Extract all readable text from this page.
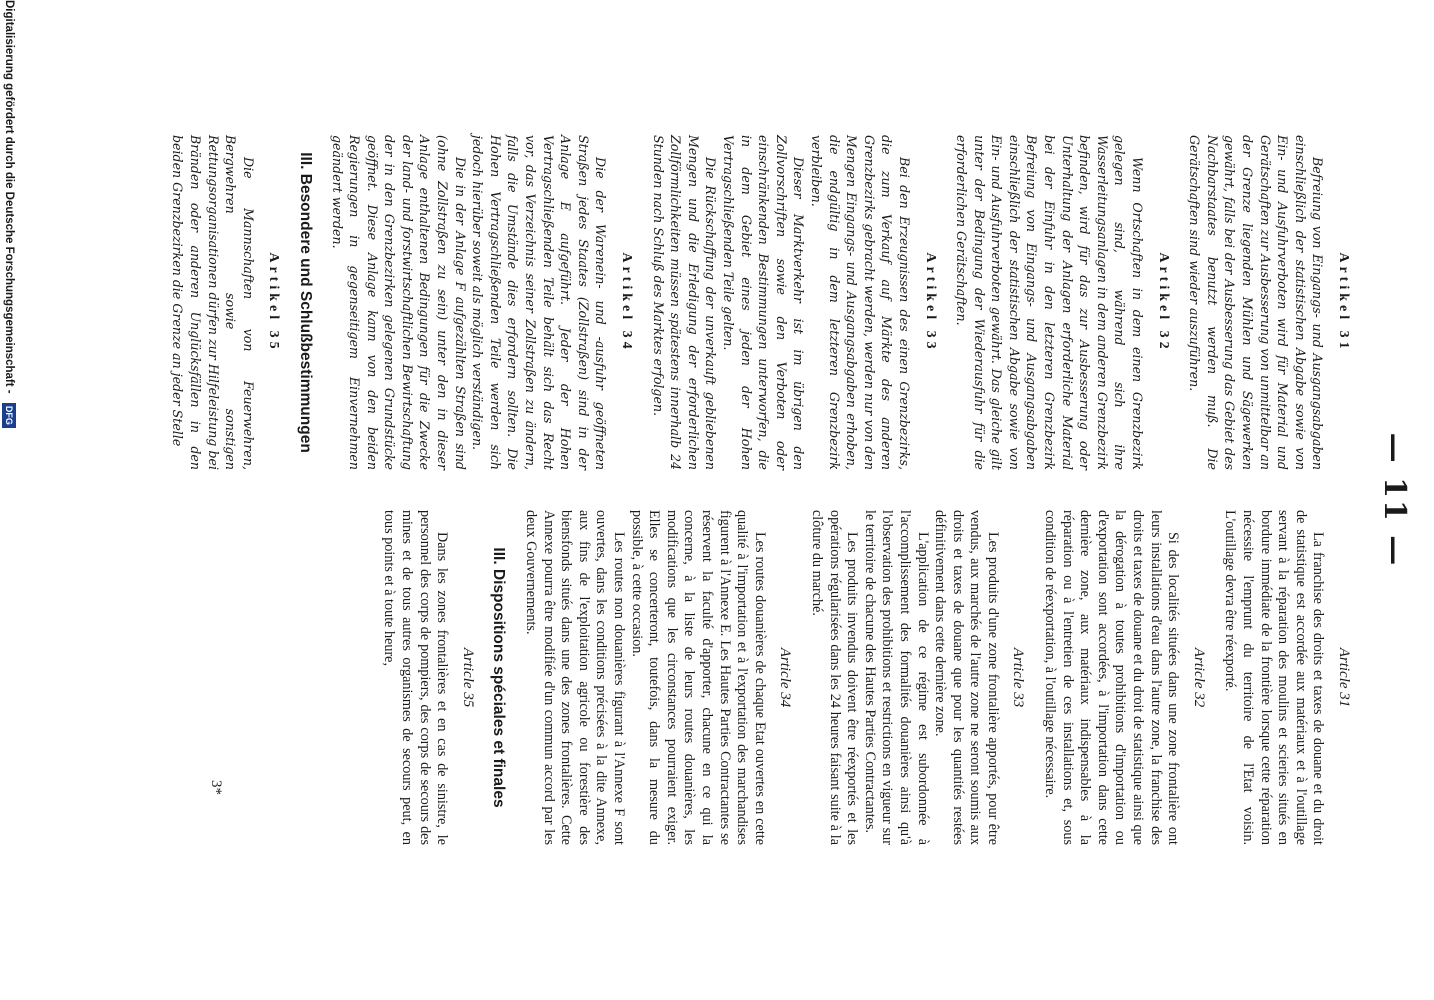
— 11 —
Article 31

La franchise des droits et taxes de douane et du droit de statistique est accordée aux matériaux et à l'outillage servant à la réparation des moulins et scieries situés en bordure immédiate de la frontière lorsque cette réparation nécessite l'emprunt du territoire de l'Etat voisin. L'outillage devra être réexporté.

Article 32

Si des localités situées dans une zone frontalière ont leurs installations d'eau dans l'autre zone, la franchise des droits et taxes de douane et du droit de statistique ainsi que la dérogation à toutes prohibitions d'importation ou d'exportation sont accordées, à l'importation dans cette dernière zone, aux matériaux indispensables à la réparation ou à l'entretien de ces installations et, sous condition de réexportation, à l'outillage nécessaire.

Article 33

Les produits d'une zone frontalière apportés, pour être vendus, aux marchés de l'autre zone ne seront soumis aux droits et taxes de douane que pour les quantités restées définitivement dans cette dernière zone.

L'application de ce régime est subordonnée à l'accomplissement des formalités douanières ainsi qu'à l'observation des prohibitions et restrictions en vigueur sur le territoire de chacune des Hautes Parties Contractantes.

Les produits invendus doivent être réexportés et les opérations régularisées dans les 24 heures faisant suite à la clôture du marché.

Article 34

Les routes douanières de chaque Etat ouvertes en cette qualité à l'importation et à l'exportation des marchandises figurent à l'Annexe E. Les Hautes Parties Contractantes se réservent la faculté d'apporter, chacune en ce qui la concerne, à la liste de leurs routes douanières, les modifications que les circonstances pourraient exiger. Elles se concerteront, toutefois, dans la mesure du possible, à cette occasion.

Les routes non douanières figurant à l'Annexe F sont ouvertes, dans les conditions précisées à la dite Annexe, aux fins de l'exploitation agricole ou forestière des biensfonds situés dans une des zones frontalières. Cette Annexe pourra être modifiée d'un commun accord par les deux Gouvernements.

III. Dispositions spéciales et finales
Article 35

Dans les zones frontalières et en cas de sinistre, le personnel des corps de pompiers, des corps de secours des mines et de tous autres organismes de secours peut, en tous points et à toute heure,

Artikel 31

Befreiung von Eingangs- und Ausgangsabgaben einschließlich der statistischen Abgabe sowie von Ein- und Ausfuhrverboten wird für Material und Gerätschaften zur Ausbesserung von unmittelbar an der Grenze liegenden Mühlen und Sägewerken gewährt, falls bei der Ausbesserung das Gebiet des Nachbarstaates benutzt werden muß. Die Gerätschaften sind wieder auszuführen.

Artikel 32

Wenn Ortschaften in dem einen Grenzbezirk gelegen sind, während sich ihre Wasserleitungsanlagen in dem anderen Grenzbezirk befinden, wird für das zur Ausbesserung oder Unterhaltung der Anlagen erforderliche Material bei der Einfuhr in den letzteren Grenzbezirk Befreiung von Eingangs- und Ausgangsabgaben einschließlich der statistischen Abgabe sowie von Ein- und Ausfuhrverboten gewährt. Das gleiche gilt unter der Bedingung der Wiederausfuhr für die erforderlichen Gerätschaften.

Artikel 33

Bei den Erzeugnissen des einen Grenzbezirks, die zum Verkauf auf Märkte des anderen Grenzbezirks gebracht werden, werden nur von den Mengen Eingangs- und Ausgangsabgaben erhoben, die endgültig in dem letzteren Grenzbezirk verbleiben.

Dieser Marktverkehr ist im übrigen den Zollvorschriften sowie den Verboten oder einschränkenden Bestimmungen unterworfen, die in dem Gebiet eines jeden der Hohen Vertragschließenden Teile gelten.

Die Rückschaffung der unverkauft gebliebenen Mengen und die Erledigung der erforderlichen Zollförmlichkeiten müssen spätestens innerhalb 24 Stunden nach Schluß des Marktes erfolgen.

Artikel 34

Die der Warenein- und -ausfuhr geöffneten Straßen jedes Staates (Zollstraßen) sind in der Anlage E aufgeführt. Jeder der Hohen Vertragschließenden Teile behält sich das Recht vor, das Verzeichnis seiner Zollstraßen zu ändern, falls die Umstände dies erfordern sollten. Die Hohen Vertragschließenden Teile werden sich jedoch hierüber soweit als möglich verständigen.

Die in der Anlage F aufgezählten Straßen sind (ohne Zollstraßen zu sein) unter den in dieser Anlage enthaltenen Bedingungen für die Zwecke der land- und forstwirtschaftlichen Bewirtschaftung der in den Grenzbezirken gelegenen Grundstücke geöffnet. Diese Anlage kann von den beiden Regierungen in gegenseitigem Einvernehmen geändert werden.

III. Besondere und Schlußbestimmungen
Artikel 35

Die Mannschaften von Feuerwehren, Bergwehren sowie sonstigen Rettungsorganisationen dürfen zur Hilfeleistung bei Bränden oder anderen Unglücksfällen in den beiden Grenzbezirken die Grenze an jeder Stelle

3*
Digitalisierung gefördert durch die Deutsche Forschungsgemeinschaft - DFG
